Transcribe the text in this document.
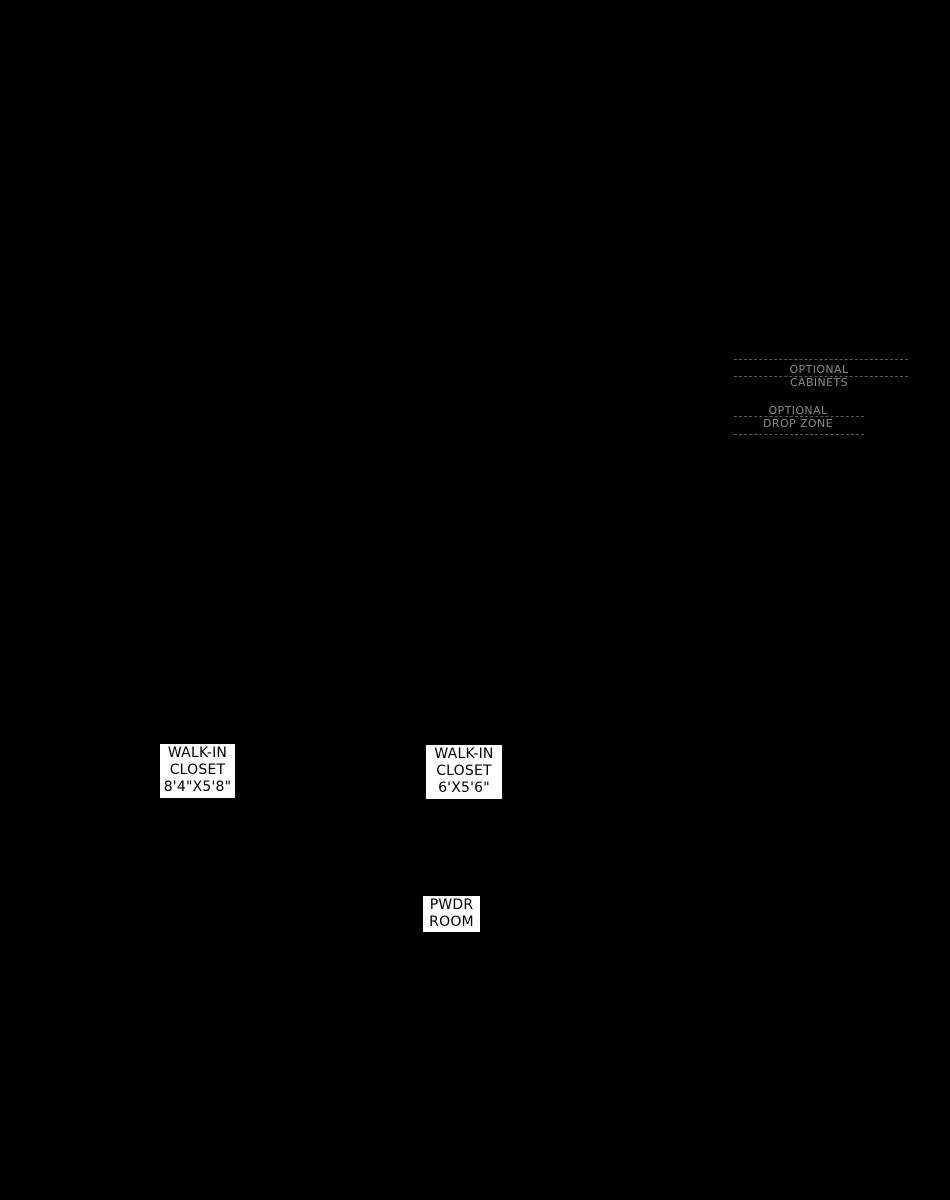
OPTIONAL
CABINETS
OPTIONAL
DROP ZONE
WALK-IN
CLOSET
8'4"X5'8"
WALK-IN
CLOSET
6'X5'6"
PWDR
ROOM
